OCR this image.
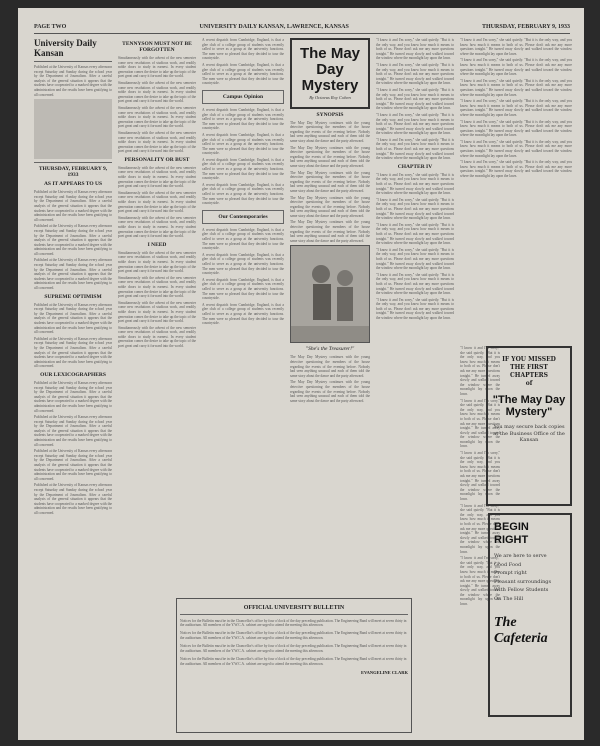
PAGE TWO	UNIVERSITY DAILY KANSAN, LAWRENCE, KANSAS	THURSDAY, FEBRUARY 9, 1933
University Daily Kansan

Published at the University of Kansas every afternoon except Saturday and Sunday during the school year by the Department of Journalism. After a careful analysis of the general situation it appears that the students have cooperated to a marked degree with the administration and the results have been gratifying to all concerned.

THURSDAY, FEBRUARY 9, 1933
AS IT APPEARS TO US

Published at the University of Kansas every afternoon except Saturday and Sunday during the school year by the Department of Journalism. After a careful analysis of the general situation it appears that the students have cooperated to a marked degree with the administration and the results have been gratifying to all concerned.

Published at the University of Kansas every afternoon except Saturday and Sunday during the school year by the Department of Journalism. After a careful analysis of the general situation it appears that the students have cooperated to a marked degree with the administration and the results have been gratifying to all concerned.

Published at the University of Kansas every afternoon except Saturday and Sunday during the school year by the Department of Journalism. After a careful analysis of the general situation it appears that the students have cooperated to a marked degree with the administration and the results have been gratifying to all concerned.

SUPREME OPTIMISM

Published at the University of Kansas every afternoon except Saturday and Sunday during the school year by the Department of Journalism. After a careful analysis of the general situation it appears that the students have cooperated to a marked degree with the administration and the results have been gratifying to all concerned.

Published at the University of Kansas every afternoon except Saturday and Sunday during the school year by the Department of Journalism. After a careful analysis of the general situation it appears that the students have cooperated to a marked degree with the administration and the results have been gratifying to all concerned.

OUR LEXICOGRAPHERS

Published at the University of Kansas every afternoon except Saturday and Sunday during the school year by the Department of Journalism. After a careful analysis of the general situation it appears that the students have cooperated to a marked degree with the administration and the results have been gratifying to all concerned.

Published at the University of Kansas every afternoon except Saturday and Sunday during the school year by the Department of Journalism. After a careful analysis of the general situation it appears that the students have cooperated to a marked degree with the administration and the results have been gratifying to all concerned.

Published at the University of Kansas every afternoon except Saturday and Sunday during the school year by the Department of Journalism. After a careful analysis of the general situation it appears that the students have cooperated to a marked degree with the administration and the results have been gratifying to all concerned.

Published at the University of Kansas every afternoon except Saturday and Sunday during the school year by the Department of Journalism. After a careful analysis of the general situation it appears that the students have cooperated to a marked degree with the administration and the results have been gratifying to all concerned.

TENNYSON MUST NOT BE FORGOTTEN

Simultaneously with the advent of the new semester come new resolutions of studious work, and readily noble doors to study in earnest. In every student generation comes the desire to take up the topic of the poet great and carry it forward into the world.

Simultaneously with the advent of the new semester come new resolutions of studious work, and readily noble doors to study in earnest. In every student generation comes the desire to take up the topic of the poet great and carry it forward into the world.

Simultaneously with the advent of the new semester come new resolutions of studious work, and readily noble doors to study in earnest. In every student generation comes the desire to take up the topic of the poet great and carry it forward into the world.

Simultaneously with the advent of the new semester come new resolutions of studious work, and readily noble doors to study in earnest. In every student generation comes the desire to take up the topic of the poet great and carry it forward into the world.

PERSONALITY OR BUST

Simultaneously with the advent of the new semester come new resolutions of studious work, and readily noble doors to study in earnest. In every student generation comes the desire to take up the topic of the poet great and carry it forward into the world.

Simultaneously with the advent of the new semester come new resolutions of studious work, and readily noble doors to study in earnest. In every student generation comes the desire to take up the topic of the poet great and carry it forward into the world.

Simultaneously with the advent of the new semester come new resolutions of studious work, and readily noble doors to study in earnest. In every student generation comes the desire to take up the topic of the poet great and carry it forward into the world.

I NEED

Simultaneously with the advent of the new semester come new resolutions of studious work, and readily noble doors to study in earnest. In every student generation comes the desire to take up the topic of the poet great and carry it forward into the world.

Simultaneously with the advent of the new semester come new resolutions of studious work, and readily noble doors to study in earnest. In every student generation comes the desire to take up the topic of the poet great and carry it forward into the world.

Simultaneously with the advent of the new semester come new resolutions of studious work, and readily noble doors to study in earnest. In every student generation comes the desire to take up the topic of the poet great and carry it forward into the world.

Simultaneously with the advent of the new semester come new resolutions of studious work, and readily noble doors to study in earnest. In every student generation comes the desire to take up the topic of the poet great and carry it forward into the world.

A recent dispatch from Cambridge, England, is that a glee club of a college group of students was recently called to serve as a group at the university functions. The men were so pleased that they decided to tour the countryside.

A recent dispatch from Cambridge, England, is that a glee club of a college group of students was recently called to serve as a group at the university functions. The men were so pleased that they decided to tour the countryside.

Campus Opinion

A recent dispatch from Cambridge, England, is that a glee club of a college group of students was recently called to serve as a group at the university functions. The men were so pleased that they decided to tour the countryside.

A recent dispatch from Cambridge, England, is that a glee club of a college group of students was recently called to serve as a group at the university functions. The men were so pleased that they decided to tour the countryside.

A recent dispatch from Cambridge, England, is that a glee club of a college group of students was recently called to serve as a group at the university functions. The men were so pleased that they decided to tour the countryside.

A recent dispatch from Cambridge, England, is that a glee club of a college group of students was recently called to serve as a group at the university functions. The men were so pleased that they decided to tour the countryside.

Our Contemporaries

A recent dispatch from Cambridge, England, is that a glee club of a college group of students was recently called to serve as a group at the university functions. The men were so pleased that they decided to tour the countryside.

A recent dispatch from Cambridge, England, is that a glee club of a college group of students was recently called to serve as a group at the university functions. The men were so pleased that they decided to tour the countryside.

A recent dispatch from Cambridge, England, is that a glee club of a college group of students was recently called to serve as a group at the university functions. The men were so pleased that they decided to tour the countryside.

A recent dispatch from Cambridge, England, is that a glee club of a college group of students was recently called to serve as a group at the university functions. The men were so pleased that they decided to tour the countryside.

The May Day
Mystery
By Octavus Roy Cohen
SYNOPSIS

The May Day Mystery continues with the young detective questioning the members of the house regarding the events of the evening before. Nobody had seen anything unusual and each of them told the same story about the dance and the party afterward.

The May Day Mystery continues with the young detective questioning the members of the house regarding the events of the evening before. Nobody had seen anything unusual and each of them told the same story about the dance and the party afterward.

The May Day Mystery continues with the young detective questioning the members of the house regarding the events of the evening before. Nobody had seen anything unusual and each of them told the same story about the dance and the party afterward.

The May Day Mystery continues with the young detective questioning the members of the house regarding the events of the evening before. Nobody had seen anything unusual and each of them told the same story about the dance and the party afterward.

The May Day Mystery continues with the young detective questioning the members of the house regarding the events of the evening before. Nobody had seen anything unusual and each of them told the same story about the dance and the party afterward.

"She's the Treasurer!"

The May Day Mystery continues with the young detective questioning the members of the house regarding the events of the evening before. Nobody had seen anything unusual and each of them told the same story about the dance and the party afterward.

The May Day Mystery continues with the young detective questioning the members of the house regarding the events of the evening before. Nobody had seen anything unusual and each of them told the same story about the dance and the party afterward.

"I know it and I'm sorry," she said quietly. "But it is the only way, and you know how much it means to both of us. Please don't ask me any more questions tonight." He turned away slowly and walked toward the window where the moonlight lay upon the lawn.

"I know it and I'm sorry," she said quietly. "But it is the only way, and you know how much it means to both of us. Please don't ask me any more questions tonight." He turned away slowly and walked toward the window where the moonlight lay upon the lawn.

"I know it and I'm sorry," she said quietly. "But it is the only way, and you know how much it means to both of us. Please don't ask me any more questions tonight." He turned away slowly and walked toward the window where the moonlight lay upon the lawn.

"I know it and I'm sorry," she said quietly. "But it is the only way, and you know how much it means to both of us. Please don't ask me any more questions tonight." He turned away slowly and walked toward the window where the moonlight lay upon the lawn.

"I know it and I'm sorry," she said quietly. "But it is the only way, and you know how much it means to both of us. Please don't ask me any more questions tonight." He turned away slowly and walked toward the window where the moonlight lay upon the lawn.

CHAPTER IV

"I know it and I'm sorry," she said quietly. "But it is the only way, and you know how much it means to both of us. Please don't ask me any more questions tonight." He turned away slowly and walked toward the window where the moonlight lay upon the lawn.

"I know it and I'm sorry," she said quietly. "But it is the only way, and you know how much it means to both of us. Please don't ask me any more questions tonight." He turned away slowly and walked toward the window where the moonlight lay upon the lawn.

"I know it and I'm sorry," she said quietly. "But it is the only way, and you know how much it means to both of us. Please don't ask me any more questions tonight." He turned away slowly and walked toward the window where the moonlight lay upon the lawn.

"I know it and I'm sorry," she said quietly. "But it is the only way, and you know how much it means to both of us. Please don't ask me any more questions tonight." He turned away slowly and walked toward the window where the moonlight lay upon the lawn.

"I know it and I'm sorry," she said quietly. "But it is the only way, and you know how much it means to both of us. Please don't ask me any more questions tonight." He turned away slowly and walked toward the window where the moonlight lay upon the lawn.

"I know it and I'm sorry," she said quietly. "But it is the only way, and you know how much it means to both of us. Please don't ask me any more questions tonight." He turned away slowly and walked toward the window where the moonlight lay upon the lawn.

"I know it and I'm sorry," she said quietly. "But it is the only way, and you know how much it means to both of us. Please don't ask me any more questions tonight." He turned away slowly and walked toward the window where the moonlight lay upon the lawn.

"I know it and I'm sorry," she said quietly. "But it is the only way, and you know how much it means to both of us. Please don't ask me any more questions tonight." He turned away slowly and walked toward the window where the moonlight lay upon the lawn.

"I know it and I'm sorry," she said quietly. "But it is the only way, and you know how much it means to both of us. Please don't ask me any more questions tonight." He turned away slowly and walked toward the window where the moonlight lay upon the lawn.

"I know it and I'm sorry," she said quietly. "But it is the only way, and you know how much it means to both of us. Please don't ask me any more questions tonight." He turned away slowly and walked toward the window where the moonlight lay upon the lawn.

"I know it and I'm sorry," she said quietly. "But it is the only way, and you know how much it means to both of us. Please don't ask me any more questions tonight." He turned away slowly and walked toward the window where the moonlight lay upon the lawn.

"I know it and I'm sorry," she said quietly. "But it is the only way, and you know how much it means to both of us. Please don't ask me any more questions tonight." He turned away slowly and walked toward the window where the moonlight lay upon the lawn.

"I know it and I'm sorry," she said quietly. "But it is the only way, and you know how much it means to both of us. Please don't ask me any more questions tonight." He turned away slowly and walked toward the window where the moonlight lay upon the lawn.

"I know it and I'm sorry," she said quietly. "But it is the only way, and you know how much it means to both of us. Please don't ask me any more questions tonight." He turned away slowly and walked toward the window where the moonlight lay upon the lawn.

"I know it and I'm sorry," she said quietly. "But it is the only way, and you know how much it means to both of us. Please don't ask me any more questions tonight." He turned away slowly and walked toward the window where the moonlight lay upon the lawn.

"I know it and I'm sorry," she said quietly. "But it is the only way, and you know how much it means to both of us. Please don't ask me any more questions tonight." He turned away slowly and walked toward the window where the moonlight lay upon the lawn.

"I know it and I'm sorry," she said quietly. "But it is the only way, and you know how much it means to both of us. Please don't ask me any more questions tonight." He turned away slowly and walked toward the window where the moonlight lay upon the lawn.

"I know it and I'm sorry," she said quietly. "But it is the only way, and you know how much it means to both of us. Please don't ask me any more questions tonight." He turned away slowly and walked toward the window where the moonlight lay upon the lawn.

OFFICIAL UNIVERSITY BULLETIN

Notices for the Bulletin must be in the Chancellor's office by four o'clock of the day preceding publication. The Engineering Band will meet at seven thirty in the auditorium. All members of the Y.W.C.A. cabinet are urged to attend the meeting this afternoon.

Notices for the Bulletin must be in the Chancellor's office by four o'clock of the day preceding publication. The Engineering Band will meet at seven thirty in the auditorium. All members of the Y.W.C.A. cabinet are urged to attend the meeting this afternoon.

Notices for the Bulletin must be in the Chancellor's office by four o'clock of the day preceding publication. The Engineering Band will meet at seven thirty in the auditorium. All members of the Y.W.C.A. cabinet are urged to attend the meeting this afternoon.

Notices for the Bulletin must be in the Chancellor's office by four o'clock of the day preceding publication. The Engineering Band will meet at seven thirty in the auditorium. All members of the Y.W.C.A. cabinet are urged to attend the meeting this afternoon.

EVANGELINE CLARK
IF YOU MISSED
THE FIRST CHAPTERS
of
"The May Day Mystery"
You may secure back copies at the Business Office of the Kansan
BEGIN RIGHT
We are here to serve
Good Food
Prompt right
Pleasant surroundings
With Fellow Students
On The Hill
The Cafeteria
